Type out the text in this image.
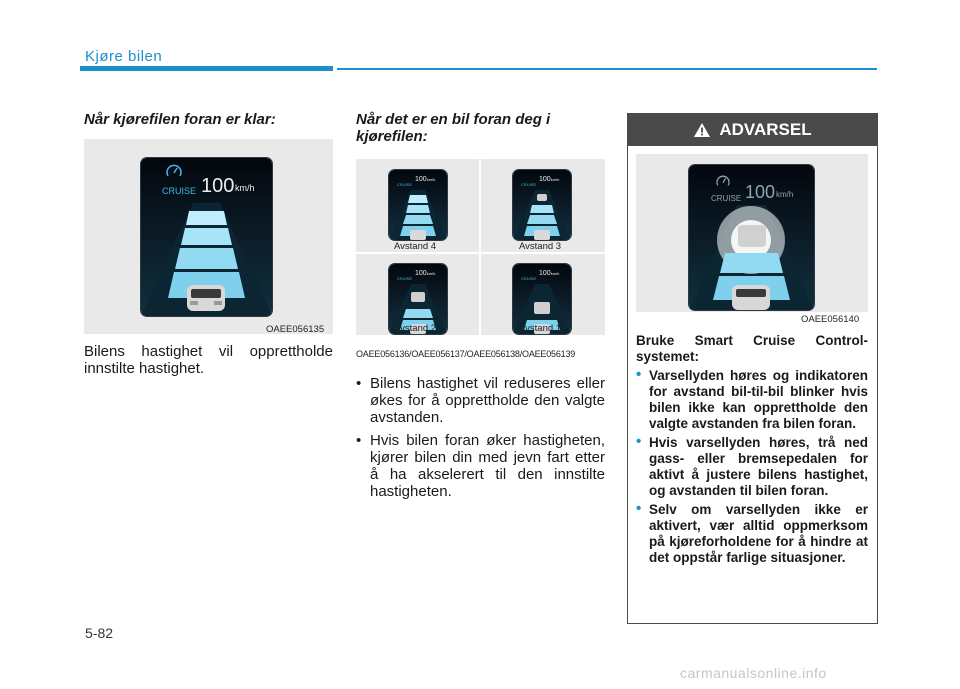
Kjøre bilen
Når kjørefilen foran er klar:
CRUISE 100 km/h
OAEE056135
Bilens hastighet vil opprettholde innstilte hastighet.
Når det er en bil foran deg i kjørefilen:
100km/h
CRUISE
Avstand 4
100km/h
CRUISE
Avstand 3
100km/h
CRUISE
Avstand 2
100km/h
CRUISE
Avstand 1
OAEE056136/OAEE056137/OAEE056138/OAEE056139
• Bilens hastighet vil reduseres eller økes for å opprettholde den valgte avstanden.
• Hvis bilen foran øker hastigheten, kjører bilen din med jevn fart etter å ha akselerert til den innstilte hastigheten.
ADVARSEL
CRUISE 100 km/h
OAEE056140
Bruke Smart Cruise Control-systemet:
• Varsellyden høres og indikatoren for avstand bil-til-bil blinker hvis bilen ikke kan opprettholde den valgte avstanden fra bilen foran.
• Hvis varsellyden høres, trå ned gass- eller bremsepedalen for aktivt å justere bilens hastighet, og avstanden til bilen foran.
• Selv om varsellyden ikke er aktivert, vær alltid oppmerksom på kjøreforholdene for å hindre at det oppstår farlige situasjoner.
5-82
carmanualsonline.info
